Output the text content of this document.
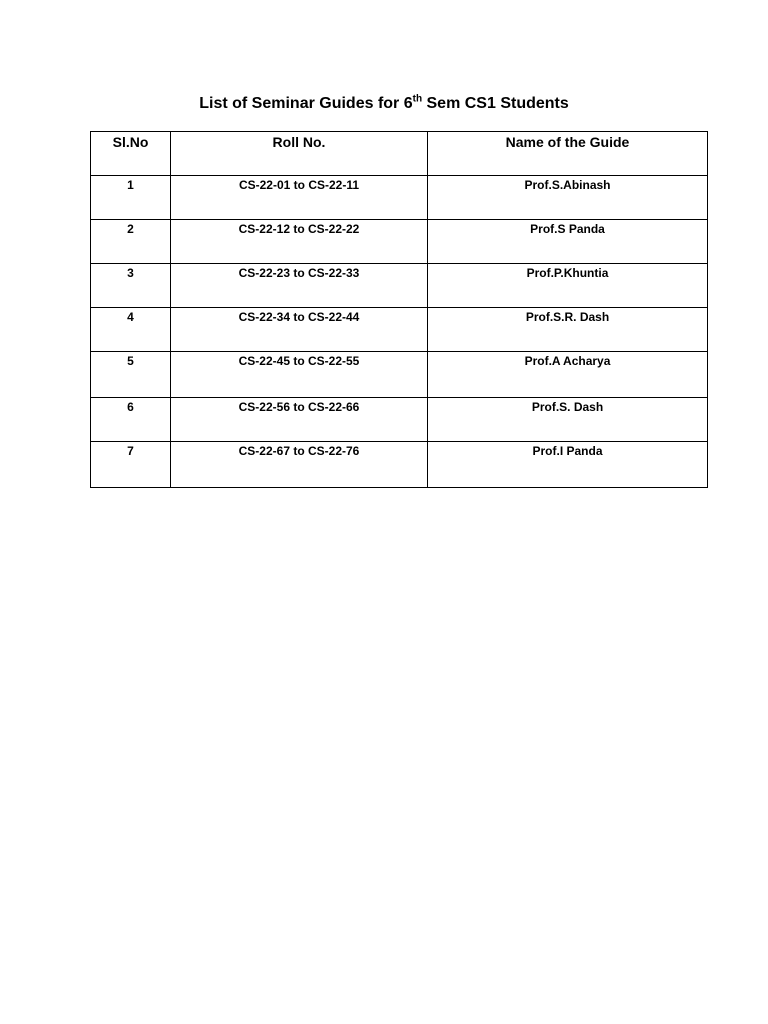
List of Seminar Guides for 6th Sem CS1 Students
Sl.No	Roll No.	Name of the Guide
1	CS-22-01 to CS-22-11	Prof.S.Abinash
2	CS-22-12 to CS-22-22	Prof.S Panda
3	CS-22-23 to CS-22-33	Prof.P.Khuntia
4	CS-22-34 to CS-22-44	Prof.S.R. Dash
5	CS-22-45 to CS-22-55	Prof.A Acharya
6	CS-22-56 to CS-22-66	Prof.S. Dash
7	CS-22-67 to CS-22-76	Prof.I Panda
